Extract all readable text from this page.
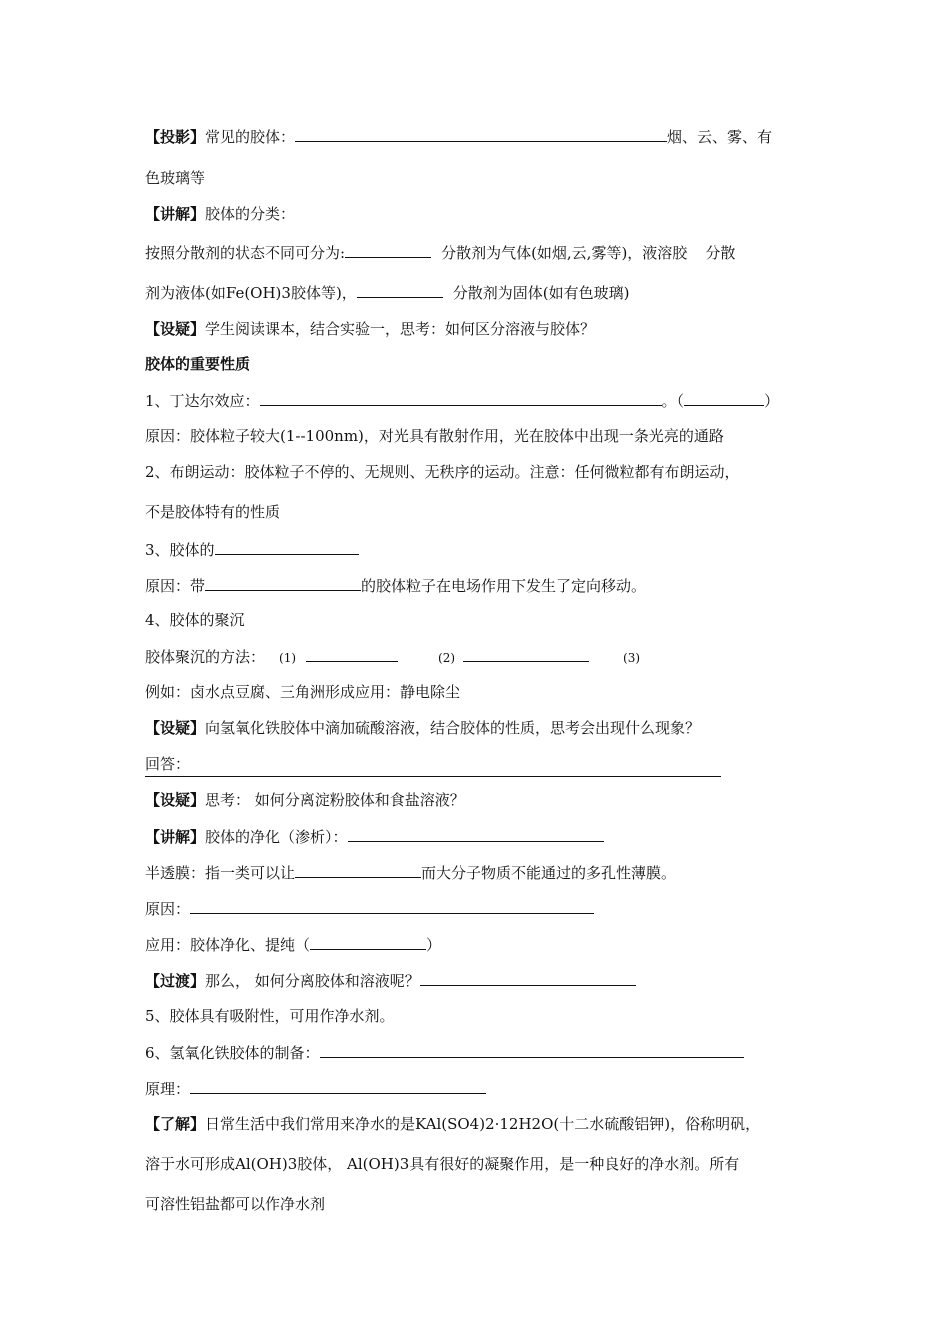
【投影】常见的胶体：	烟、云、雾、有
色玻璃等
【讲解】胶体的分类：
按照分散剂的状态不同可分为:	分散剂为气体(如烟,云,雾等)，液溶胶 分散
剂为液体(如Fe(OH)3胶体等)，	分散剂为固体(如有色玻璃)
【设疑】学生阅读课本，结合实验一，思考：如何区分溶液与胶体？
胶体的重要性质
1、丁达尔效应：	。（	）
原因：胶体粒子较大(1--100nm)，对光具有散射作用，光在胶体中出现一条光亮的通路
2、布朗运动：胶体粒子不停的、无规则、无秩序的运动。注意：任何微粒都有布朗运动，
不是胶体特有的性质
3、胶体的
原因：带	的胶体粒子在电场作用下发生了定向移动。
4、胶体的聚沉
胶体聚沉的方法： (1)	(2)	(3)
例如：卤水点豆腐、三角洲形成应用：静电除尘
【设疑】向氢氧化铁胶体中滴加硫酸溶液，结合胶体的性质，思考会出现什么现象？
回答：
【设疑】思考： 如何分离淀粉胶体和食盐溶液？
【讲解】胶体的净化（渗析）：
半透膜：指一类可以让	而大分子物质不能通过的多孔性薄膜。
原因：
应用：胶体净化、提纯（	）
【过渡】那么， 如何分离胶体和溶液呢？
5、胶体具有吸附性，可用作净水剂。
6、氢氧化铁胶体的制备：
原理：
【了解】日常生活中我们常用来净水的是KAl(SO4)2·12H2O(十二水硫酸铝钾)，俗称明矾，
溶于水可形成Al(OH)3胶体， Al(OH)3具有很好的凝聚作用，是一种良好的净水剂。所有
可溶性铝盐都可以作净水剂
